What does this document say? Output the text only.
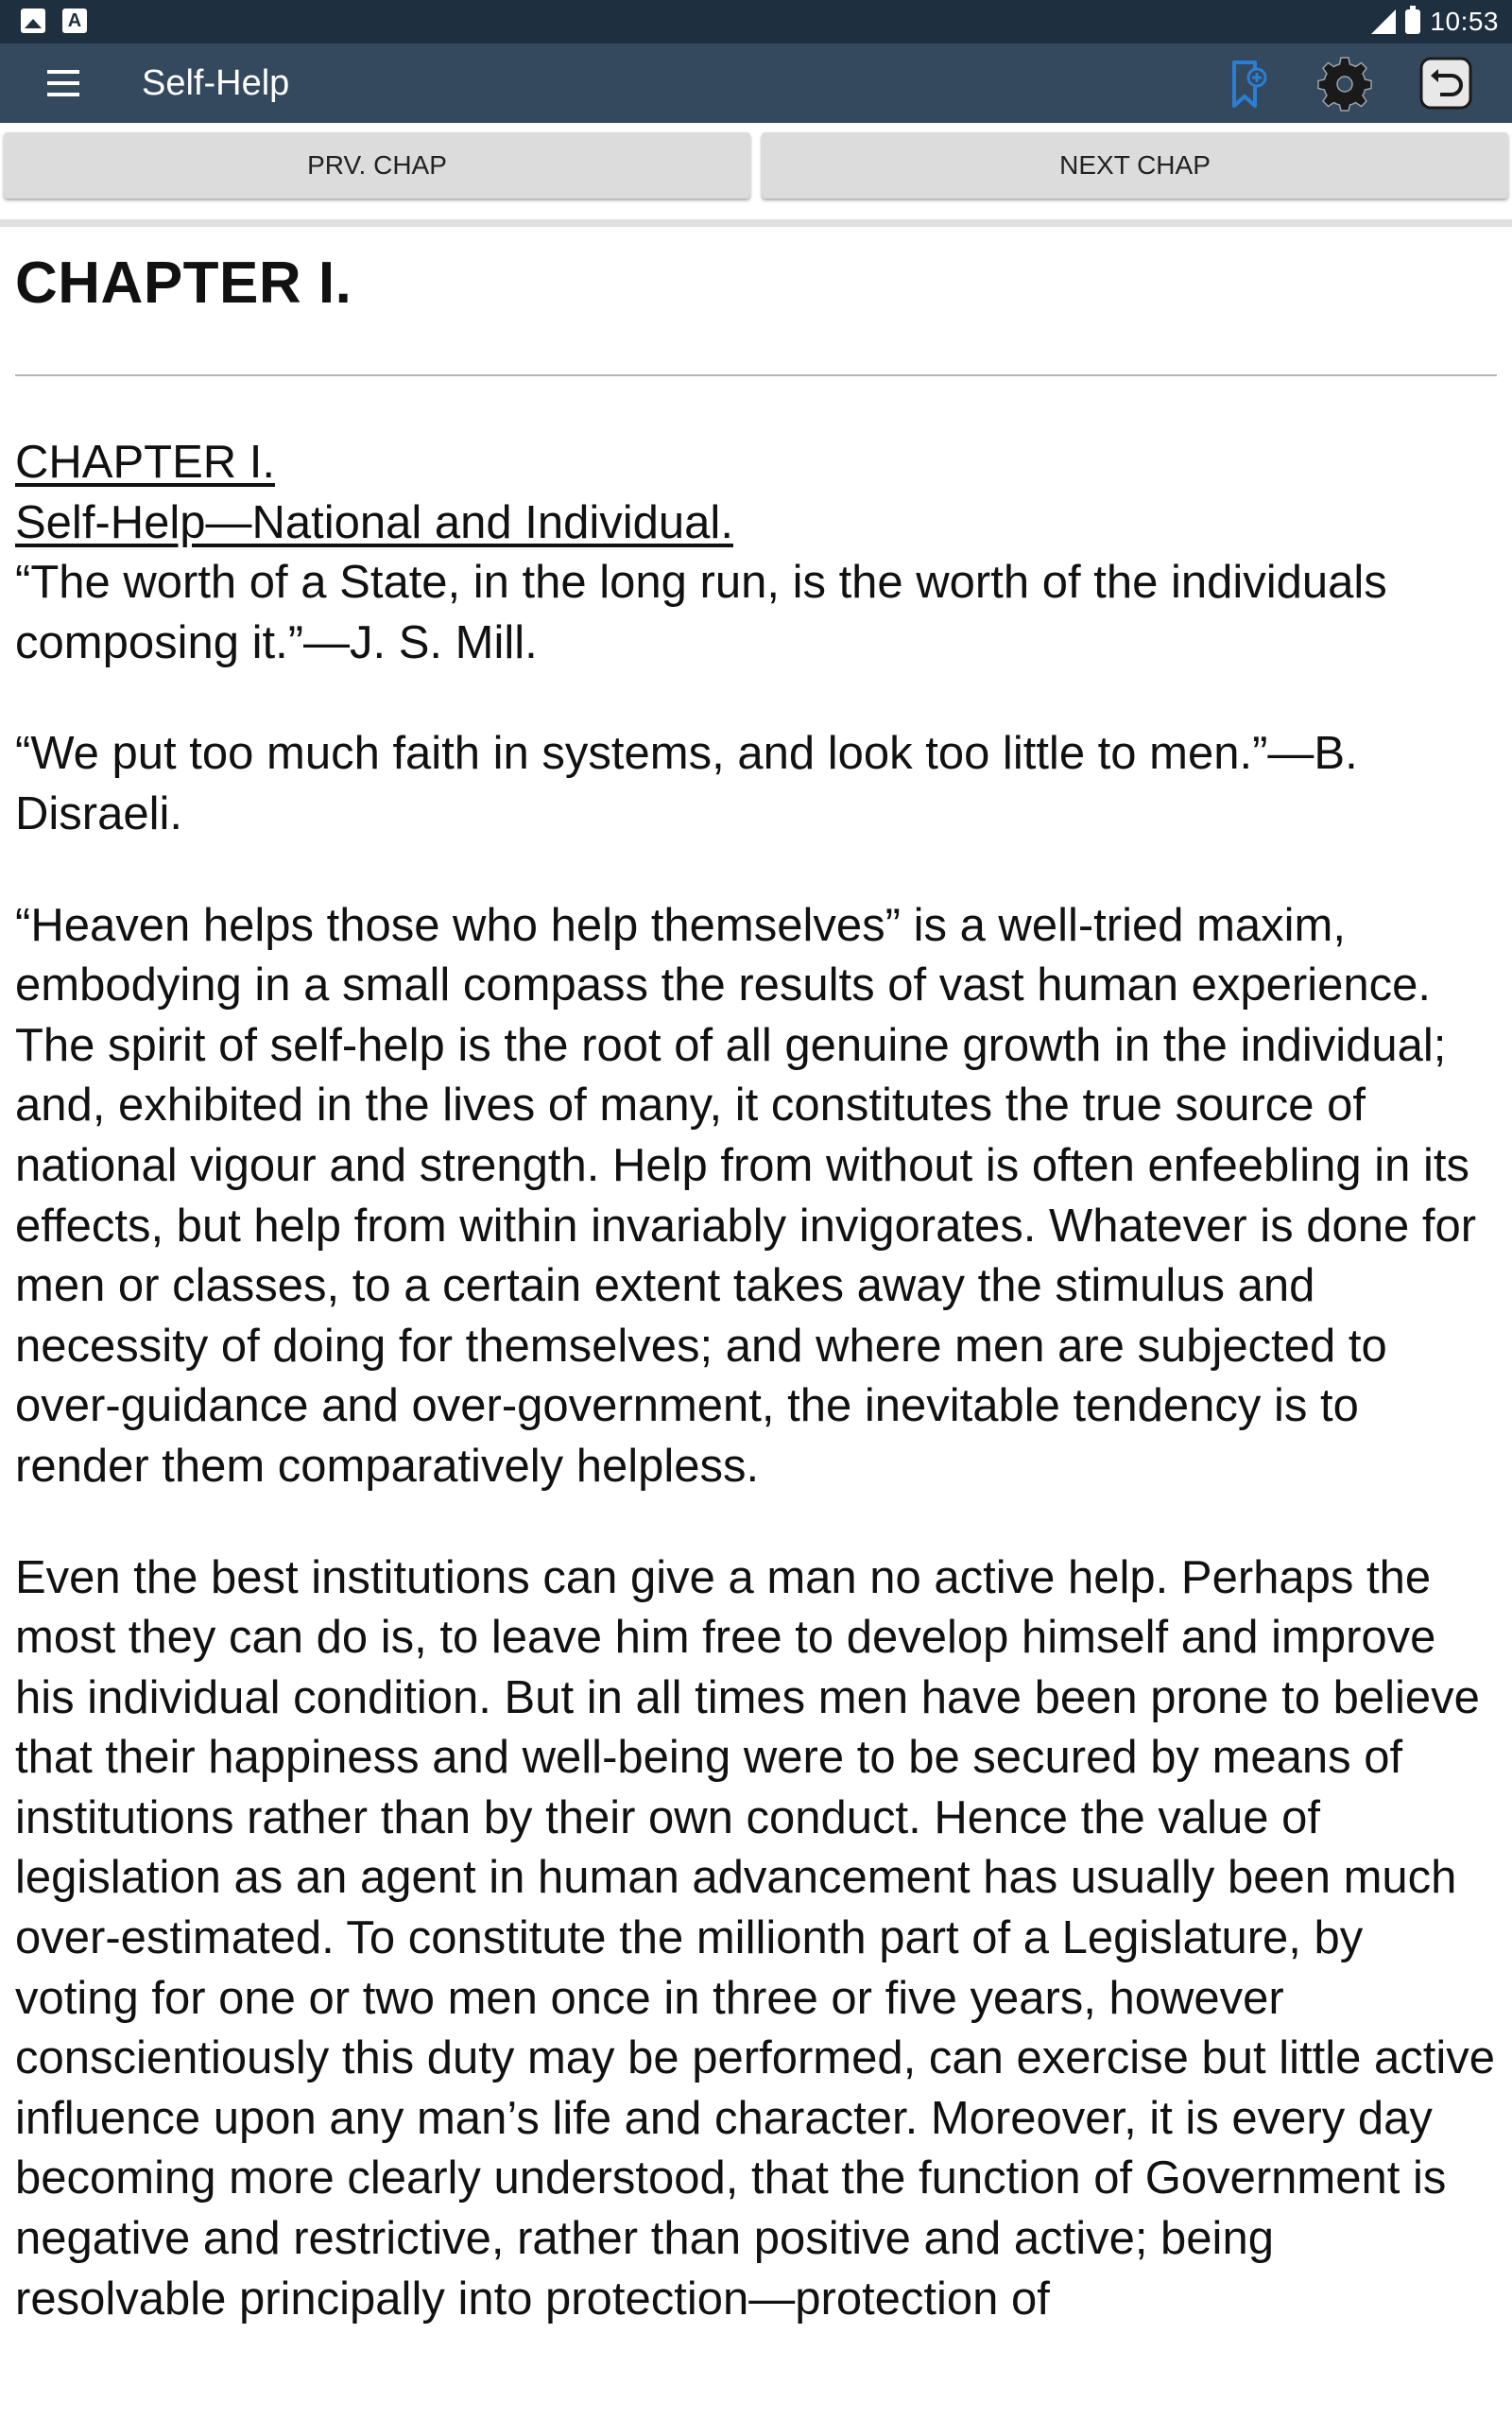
A	10:53
Self-Help
PRV. CHAP	NEXT CHAP
CHAPTER I.
CHAPTER I.
Self-Help—National and Individual.

“The worth of a State, in the long run, is the worth of the individuals composing it.”—J. S. Mill.

“We put too much faith in systems, and look too little to men.”—B. Disraeli.

“Heaven helps those who help themselves” is a well-tried maxim, embodying in a small compass the results of vast human experience. The spirit of self-help is the root of all genuine growth in the individual; and, exhibited in the lives of many, it constitutes the true source of national vigour and strength. Help from without is often enfeebling in its effects, but help from within invariably invigorates. Whatever is done for men or classes, to a certain extent takes away the stimulus and necessity of doing for themselves; and where men are subjected to over-guidance and over-government, the inevitable tendency is to render them comparatively helpless.

Even the best institutions can give a man no active help. Perhaps the most they can do is, to leave him free to develop himself and improve his individual condition. But in all times men have been prone to believe that their happiness and well-being were to be secured by means of institutions rather than by their own conduct. Hence the value of legislation as an agent in human advancement has usually been much over-estimated. To constitute the millionth part of a Legislature, by voting for one or two men once in three or five years, however conscientiously this duty may be performed, can exercise but little active influence upon any man’s life and character. Moreover, it is every day becoming more clearly understood, that the function of Government is negative and restrictive, rather than positive and active; being resolvable principally into protection—protection of
